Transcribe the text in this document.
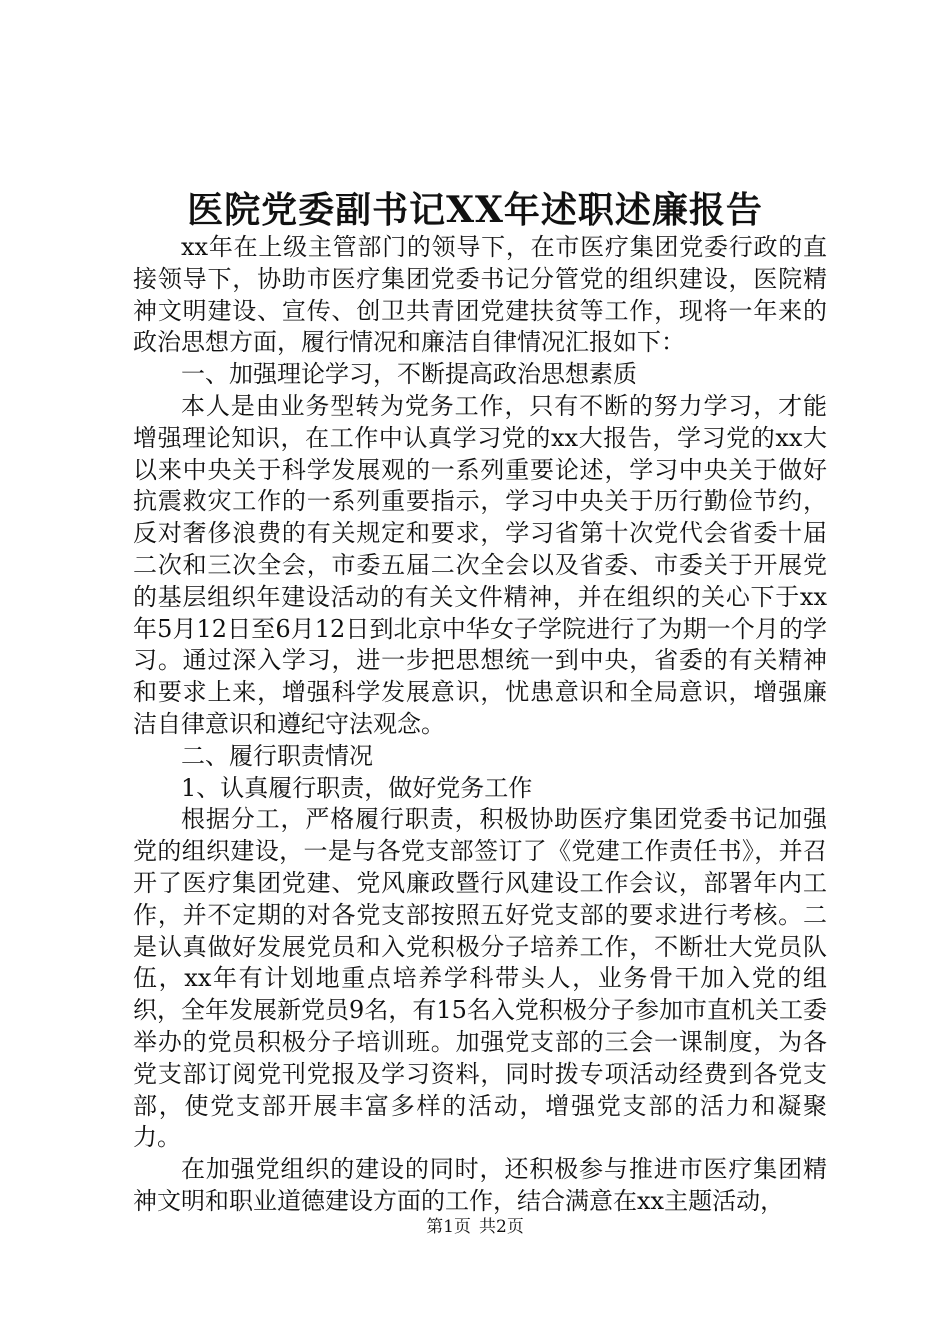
医院党委副书记XX年述职述廉报告

xx年在上级主管部门的领导下，在市医疗集团党委行政的直接领导下，协助市医疗集团党委书记分管党的组织建设，医院精神文明建设、宣传、创卫共青团党建扶贫等工作，现将一年来的政治思想方面，履行情况和廉洁自律情况汇报如下：

一、加强理论学习，不断提高政治思想素质

本人是由业务型转为党务工作，只有不断的努力学习，才能增强理论知识，在工作中认真学习党的xx大报告，学习党的xx大以来中央关于科学发展观的一系列重要论述，学习中央关于做好抗震救灾工作的一系列重要指示，学习中央关于历行勤俭节约，反对奢侈浪费的有关规定和要求，学习省第十次党代会省委十届二次和三次全会，市委五届二次全会以及省委、市委关于开展党的基层组织年建设活动的有关文件精神，并在组织的关心下于xx年5月12日至6月12日到北京中华女子学院进行了为期一个月的学习。通过深入学习，进一步把思想统一到中央，省委的有关精神和要求上来，增强科学发展意识，忧患意识和全局意识，增强廉洁自律意识和遵纪守法观念。

二、履行职责情况

1、认真履行职责，做好党务工作

根据分工，严格履行职责，积极协助医疗集团党委书记加强党的组织建设，一是与各党支部签订了《党建工作责任书》，并召开了医疗集团党建、党风廉政暨行风建设工作会议，部署年内工作，并不定期的对各党支部按照五好党支部的要求进行考核。二是认真做好发展党员和入党积极分子培养工作，不断壮大党员队伍，xx年有计划地重点培养学科带头人，业务骨干加入党的组织，全年发展新党员9名，有15名入党积极分子参加市直机关工委举办的党员积极分子培训班。加强党支部的三会一课制度，为各党支部订阅党刊党报及学习资料，同时拨专项活动经费到各党支部，使党支部开展丰富多样的活动，增强党支部的活力和凝聚力。

在加强党组织的建设的同时，还积极参与推进市医疗集团精神文明和职业道德建设方面的工作，结合满意在xx主题活动，

第1页 共2页
